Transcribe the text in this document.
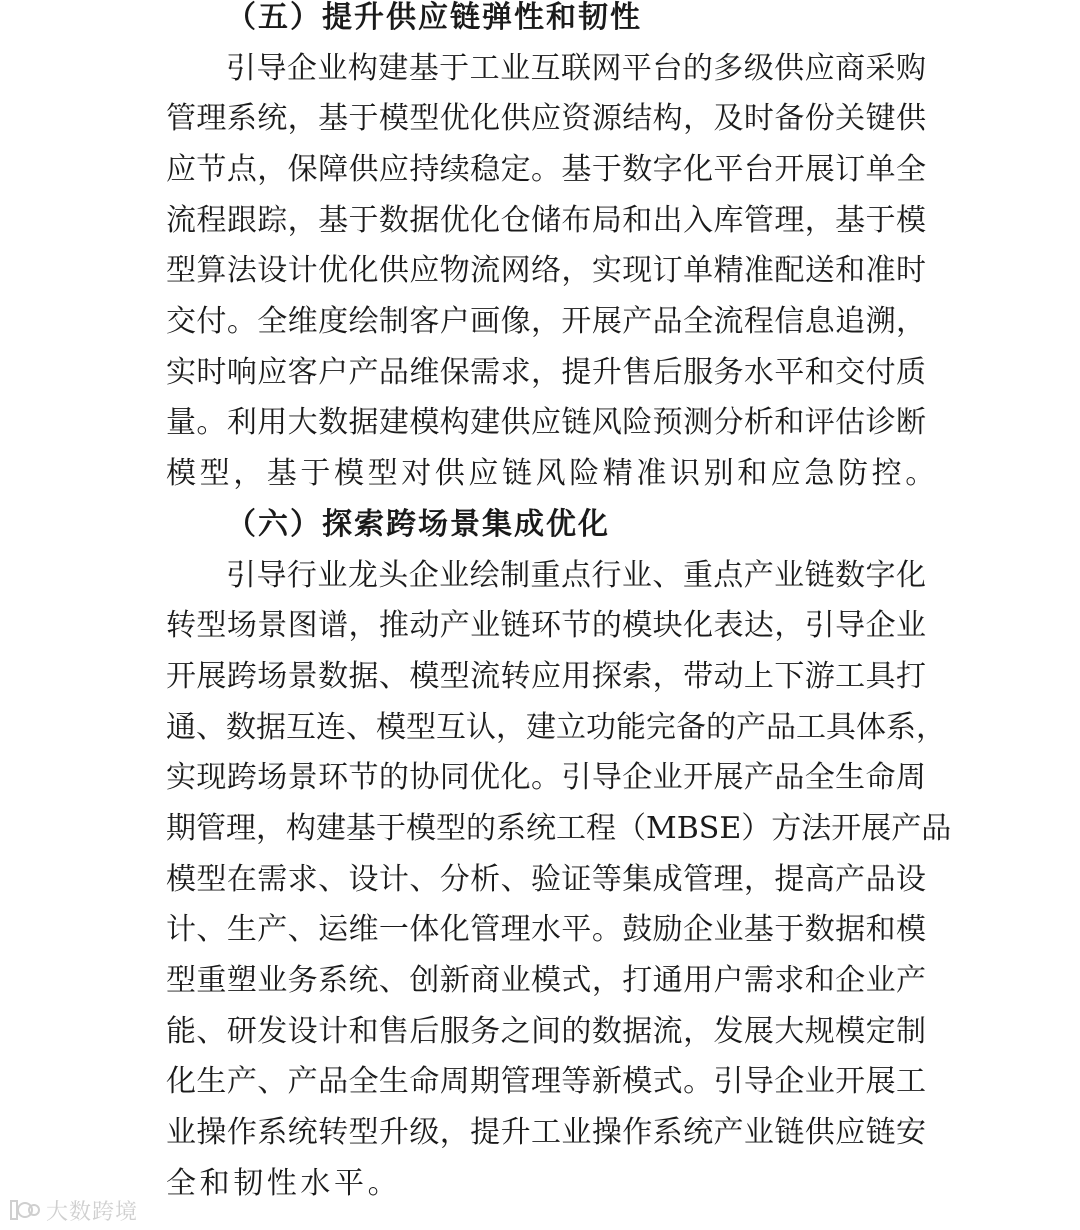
（五）提升供应链弹性和韧性
引导企业构建基于工业互联网平台的多级供应商采购
管理系统，基于模型优化供应资源结构，及时备份关键供
应节点，保障供应持续稳定。基于数字化平台开展订单全
流程跟踪，基于数据优化仓储布局和出入库管理，基于模
型算法设计优化供应物流网络，实现订单精准配送和准时
交付。全维度绘制客户画像，开展产品全流程信息追溯，
实时响应客户产品维保需求，提升售后服务水平和交付质
量。利用大数据建模构建供应链风险预测分析和评估诊断
模型，基于模型对供应链风险精准识别和应急防控。
（六）探索跨场景集成优化
引导行业龙头企业绘制重点行业、重点产业链数字化
转型场景图谱，推动产业链环节的模块化表达，引导企业
开展跨场景数据、模型流转应用探索，带动上下游工具打
通、数据互连、模型互认，建立功能完备的产品工具体系，
实现跨场景环节的协同优化。引导企业开展产品全生命周
期管理，构建基于模型的系统工程（MBSE）方法开展产品
模型在需求、设计、分析、验证等集成管理，提高产品设
计、生产、运维一体化管理水平。鼓励企业基于数据和模
型重塑业务系统、创新商业模式，打通用户需求和企业产
能、研发设计和售后服务之间的数据流，发展大规模定制
化生产、产品全生命周期管理等新模式。引导企业开展工
业操作系统转型升级，提升工业操作系统产业链供应链安
全和韧性水平。
大数跨境
